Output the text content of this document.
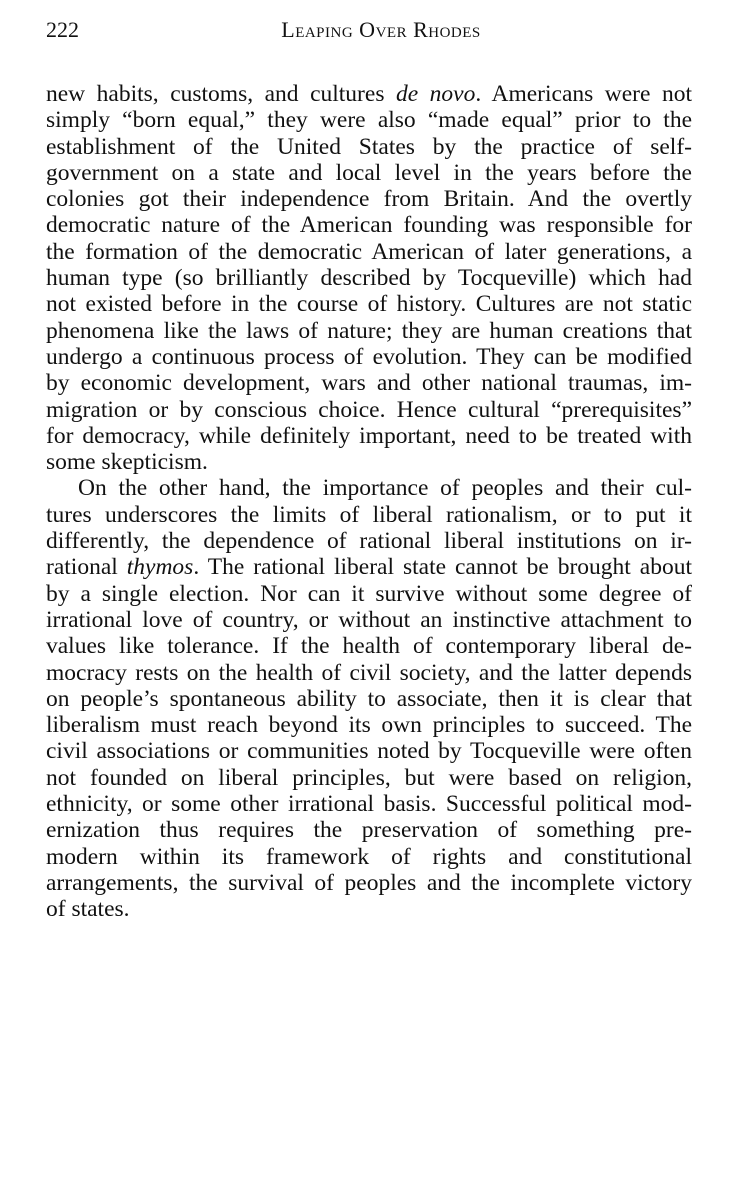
222	Leaping Over Rhodes
new habits, customs, and cultures de novo. Americans were not
simply “born equal,” they were also “made equal” prior to the
establishment of the United States by the practice of self-
government on a state and local level in the years before the
colonies got their independence from Britain. And the overtly
democratic nature of the American founding was responsible for
the formation of the democratic American of later generations, a
human type (so brilliantly described by Tocqueville) which had
not existed before in the course of history. Cultures are not static
phenomena like the laws of nature; they are human creations that
undergo a continuous process of evolution. They can be modified
by economic development, wars and other national traumas, im-
migration or by conscious choice. Hence cultural “prerequisites”
for democracy, while definitely important, need to be treated with
some skepticism.
On the other hand, the importance of peoples and their cul-
tures underscores the limits of liberal rationalism, or to put it
differently, the dependence of rational liberal institutions on ir-
rational thymos. The rational liberal state cannot be brought about
by a single election. Nor can it survive without some degree of
irrational love of country, or without an instinctive attachment to
values like tolerance. If the health of contemporary liberal de-
mocracy rests on the health of civil society, and the latter depends
on people’s spontaneous ability to associate, then it is clear that
liberalism must reach beyond its own principles to succeed. The
civil associations or communities noted by Tocqueville were often
not founded on liberal principles, but were based on religion,
ethnicity, or some other irrational basis. Successful political mod-
ernization thus requires the preservation of something pre-
modern within its framework of rights and constitutional
arrangements, the survival of peoples and the incomplete victory
of states.
